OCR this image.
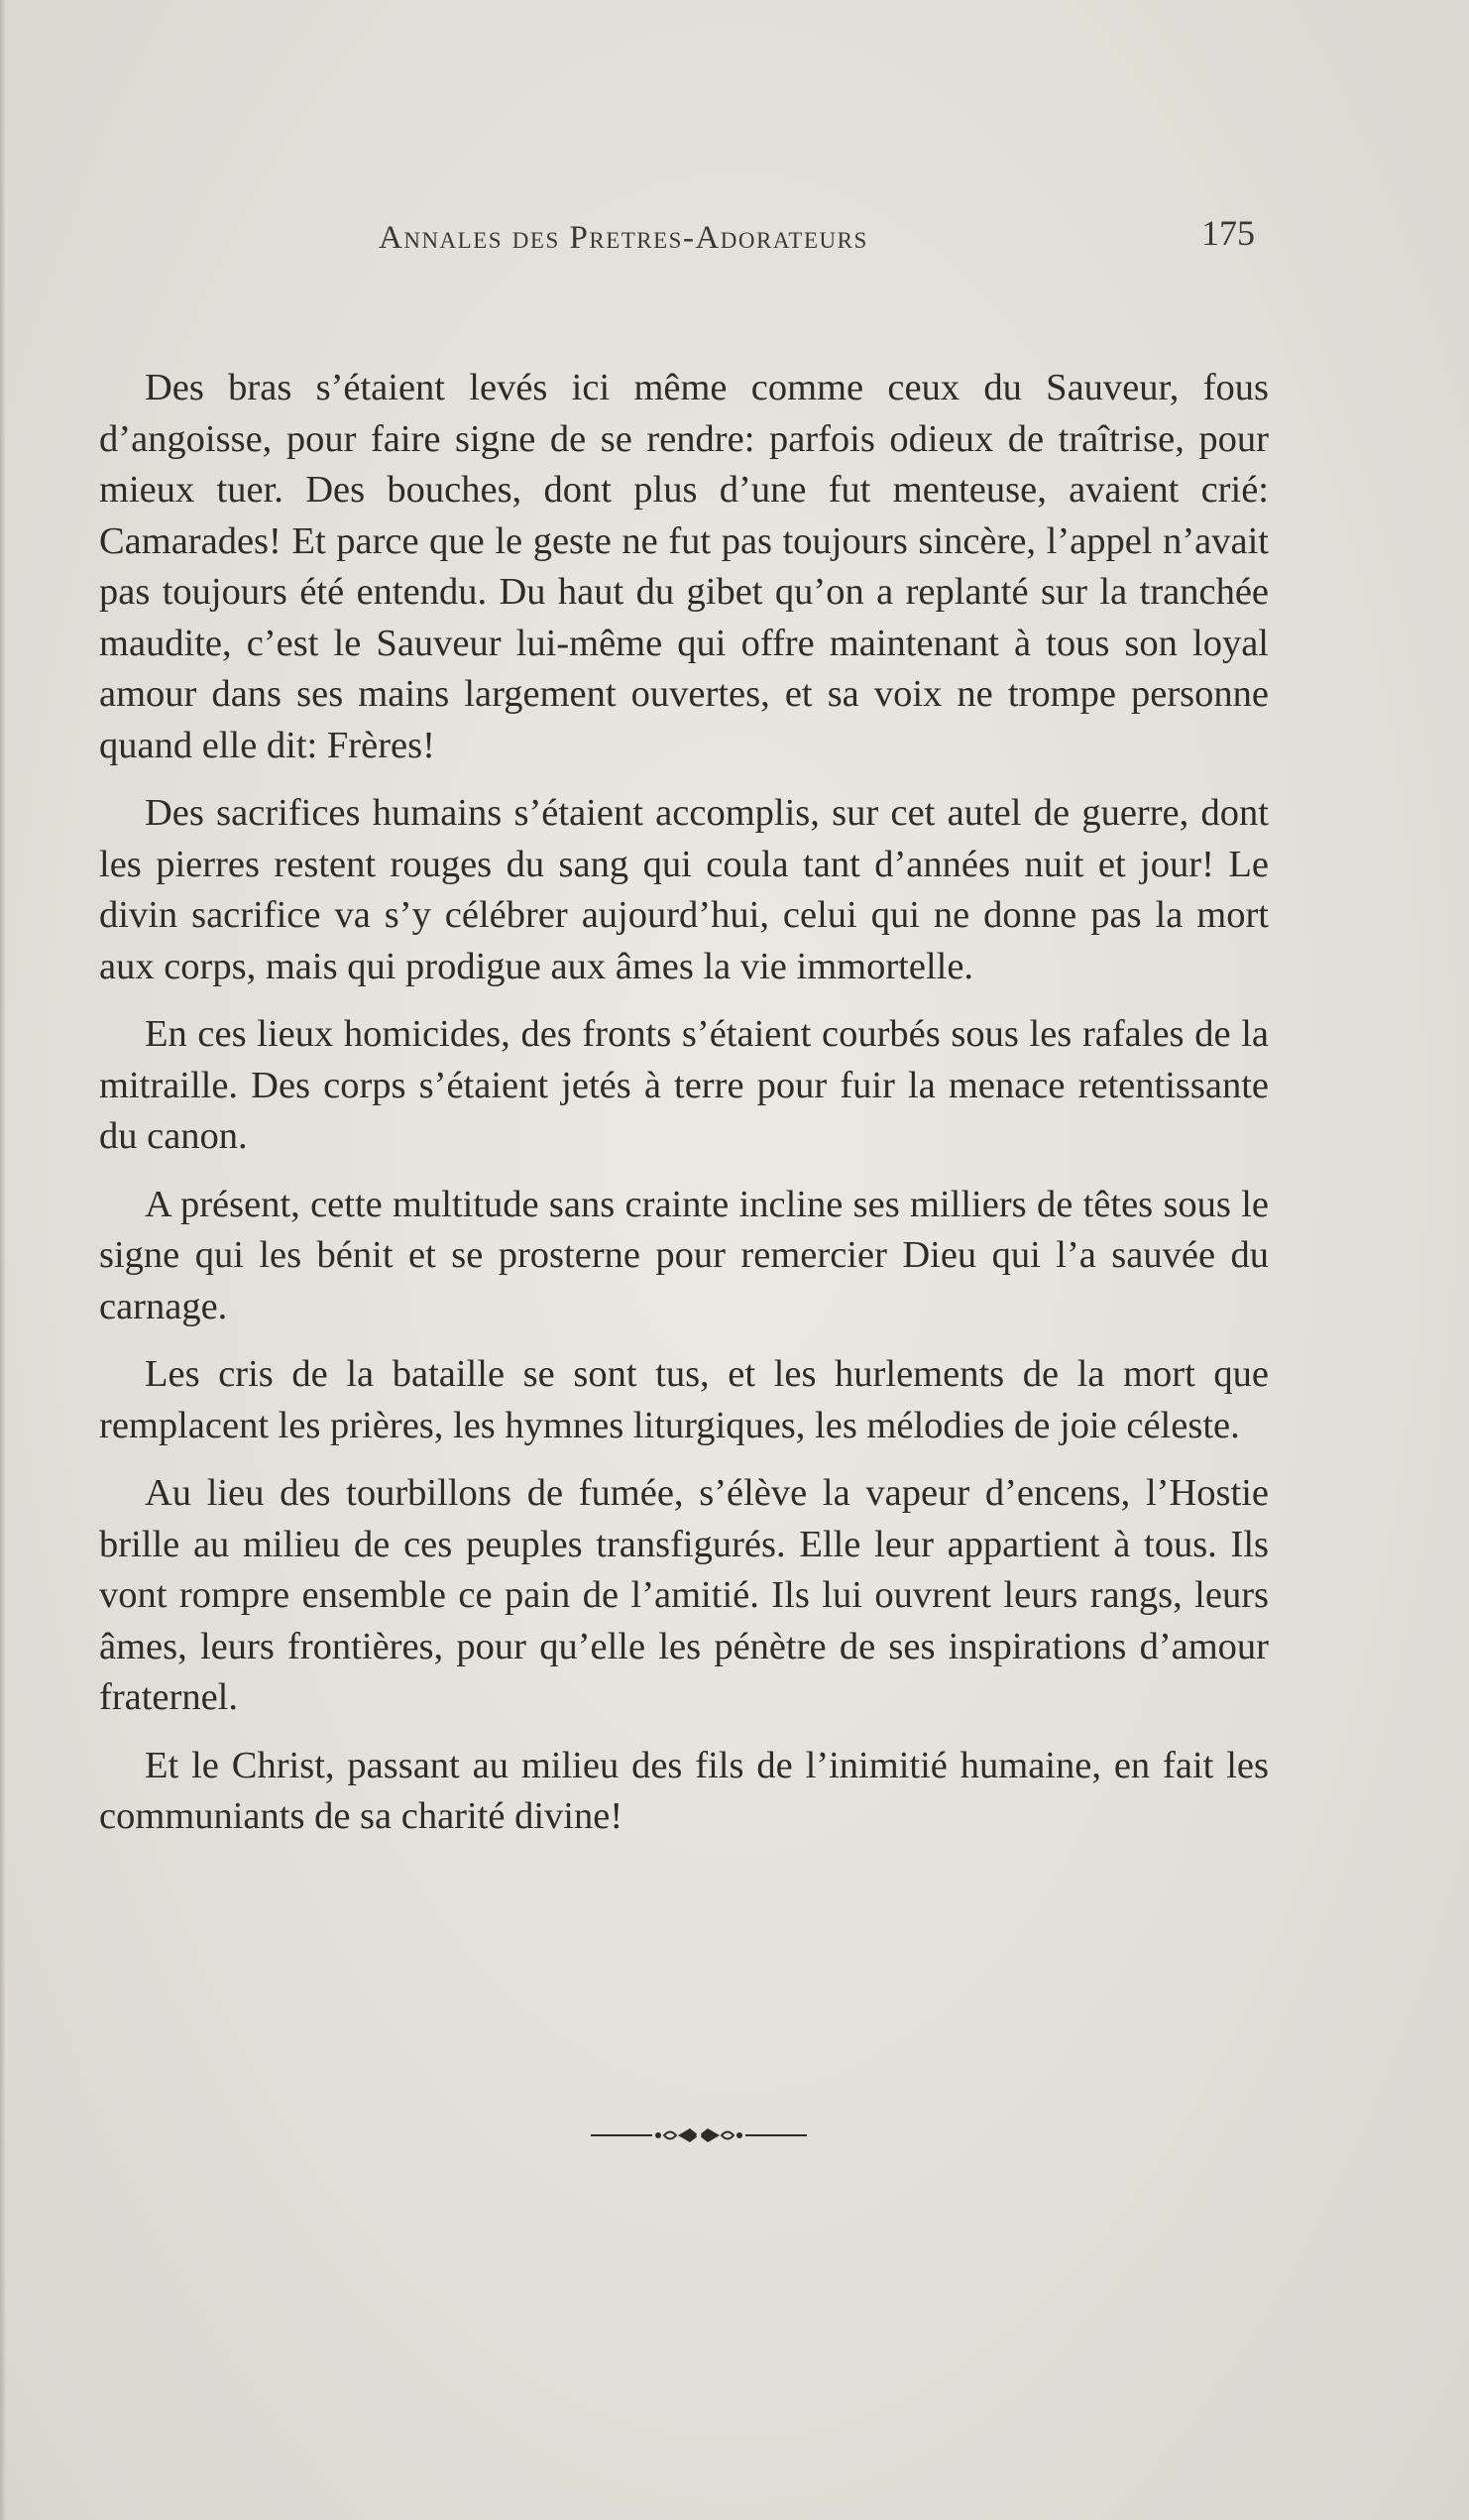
Annales des Pretres-Adorateurs	175

Des bras s’étaient levés ici même comme ceux du Sauveur, fous d’angoisse, pour faire signe de se rendre: parfois odieux de traîtrise, pour mieux tuer. Des bouches, dont plus d’une fut menteuse, avaient crié: Camarades! Et parce que le geste ne fut pas toujours sincère, l’appel n’avait pas toujours été entendu. Du haut du gibet qu’on a replanté sur la tranchée maudite, c’est le Sauveur lui-même qui offre maintenant à tous son loyal amour dans ses mains largement ouvertes, et sa voix ne trompe personne quand elle dit: Frères!

Des sacrifices humains s’étaient accomplis, sur cet autel de guerre, dont les pierres restent rouges du sang qui coula tant d’années nuit et jour! Le divin sacrifice va s’y célébrer aujourd’hui, celui qui ne donne pas la mort aux corps, mais qui prodigue aux âmes la vie immortelle.

En ces lieux homicides, des fronts s’étaient courbés sous les rafales de la mitraille. Des corps s’étaient jetés à terre pour fuir la menace retentissante du canon.

A présent, cette multitude sans crainte incline ses milliers de têtes sous le signe qui les bénit et se prosterne pour remercier Dieu qui l’a sauvée du carnage.

Les cris de la bataille se sont tus, et les hurlements de la mort que remplacent les prières, les hymnes liturgiques, les mélodies de joie céleste.

Au lieu des tourbillons de fumée, s’élève la vapeur d’encens, l’Hostie brille au milieu de ces peuples transfigurés. Elle leur appartient à tous. Ils vont rompre ensemble ce pain de l’amitié. Ils lui ouvrent leurs rangs, leurs âmes, leurs frontières, pour qu’elle les pénètre de ses inspirations d’amour fraternel.

Et le Christ, passant au milieu des fils de l’inimitié humaine, en fait les communiants de sa charité divine!
